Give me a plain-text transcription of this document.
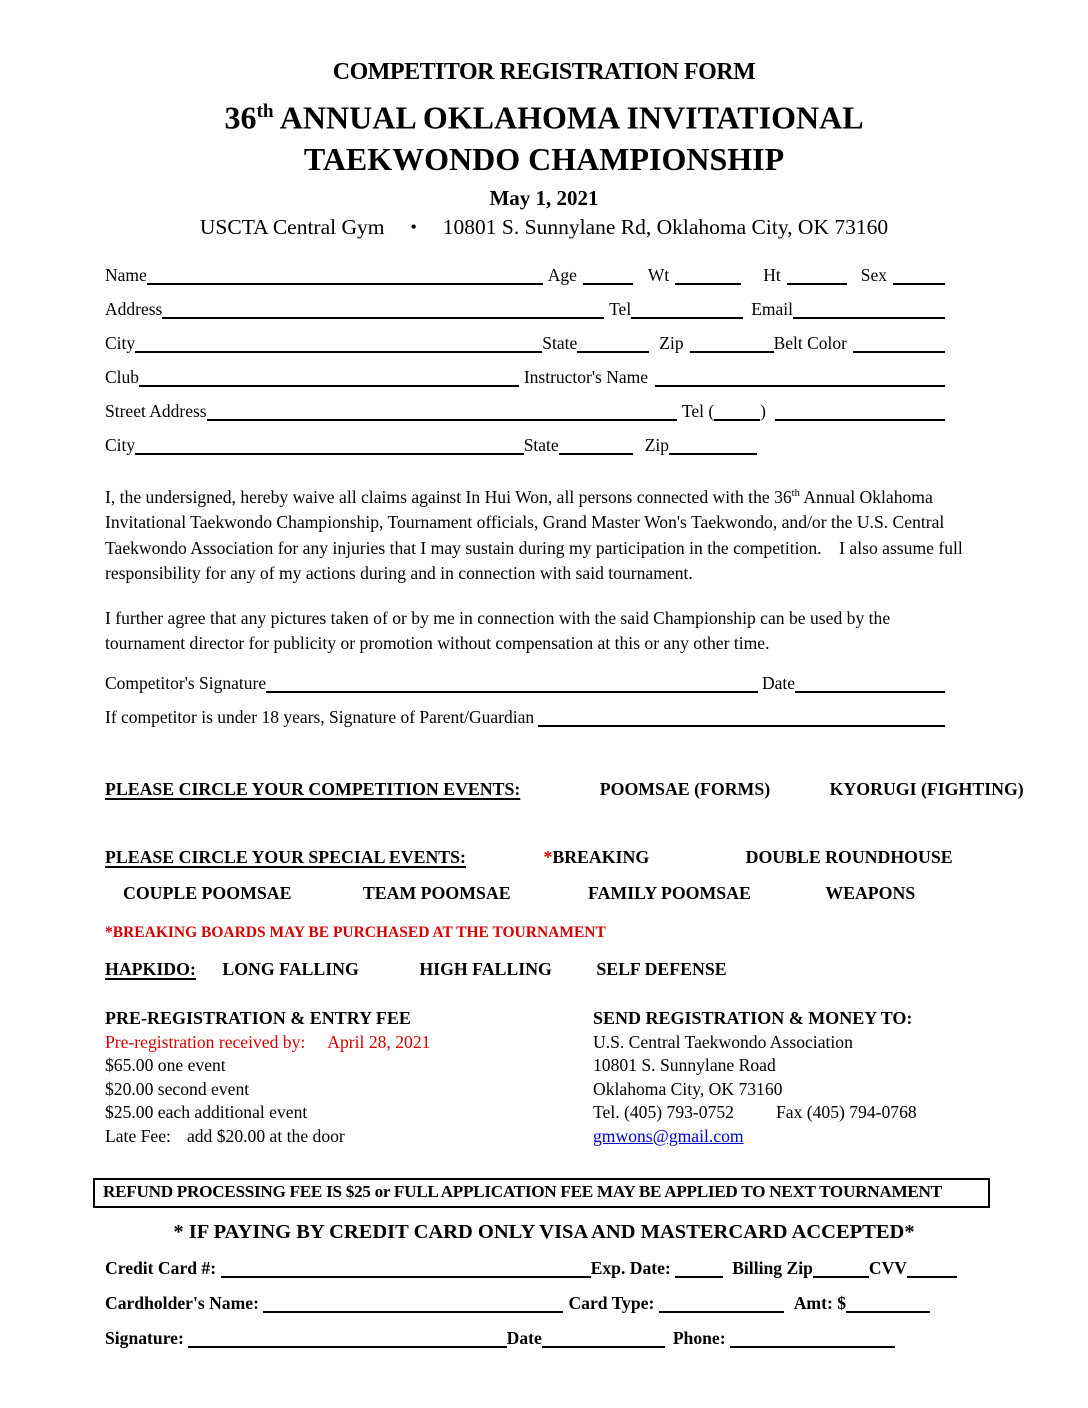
COMPETITOR REGISTRATION FORM
36th ANNUAL OKLAHOMA INVITATIONAL
TAEKWONDO CHAMPIONSHIP
May 1, 2021
USCTA Central Gym • 10801 S. Sunnylane Rd, Oklahoma City, OK 73160
Name	Age	Wt	Ht	Sex
Address	Tel	Email
City	State	Zip	Belt Color
Club	Instructor's Name
Street Address	Tel (	)
City	State	Zip

I, the undersigned, hereby waive all claims against In Hui Won, all persons connected with the 36th Annual Oklahoma Invitational Taekwondo Championship, Tournament officials, Grand Master Won's Taekwondo, and/or the U.S. Central Taekwondo Association for any injuries that I may sustain during my participation in the competition.    I also assume full responsibility for any of my actions during and in connection with said tournament.

I further agree that any pictures taken of or by me in connection with the said Championship can be used by the tournament director for publicity or promotion without compensation at this or any other time.

Competitor's Signature	Date
If competitor is under 18 years, Signature of Parent/Guardian
PLEASE CIRCLE YOUR COMPETITION EVENTS:	POOMSAE (FORMS)	KYORUGI (FIGHTING)
PLEASE CIRCLE YOUR SPECIAL EVENTS:	*BREAKING	DOUBLE ROUNDHOUSE
COUPLE POOMSAE	TEAM POOMSAE	FAMILY POOMSAE	WEAPONS
*BREAKING BOARDS MAY BE PURCHASED AT THE TOURNAMENT
HAPKIDO: LONG FALLING	HIGH FALLING SELF DEFENSE
PRE-REGISTRATION & ENTRY FEE
Pre-registration received by: April 28, 2021
$65.00 one event
$20.00 second event
$25.00 each additional event
Late Fee: add $20.00 at the door
SEND REGISTRATION & MONEY TO:
U.S. Central Taekwondo Association
10801 S. Sunnylane Road
Oklahoma City, OK 73160
Tel. (405) 793-0752 Fax (405) 794-0768
gmwons@gmail.com
REFUND PROCESSING FEE IS $25 or FULL APPLICATION FEE MAY BE APPLIED TO NEXT TOURNAMENT
* IF PAYING BY CREDIT CARD ONLY VISA AND MASTERCARD ACCEPTED*
Credit Card #:	Exp. Date:	Billing Zip	CVV
Cardholder's Name:	Card Type:	Amt: $
Signature:	Date	Phone:
